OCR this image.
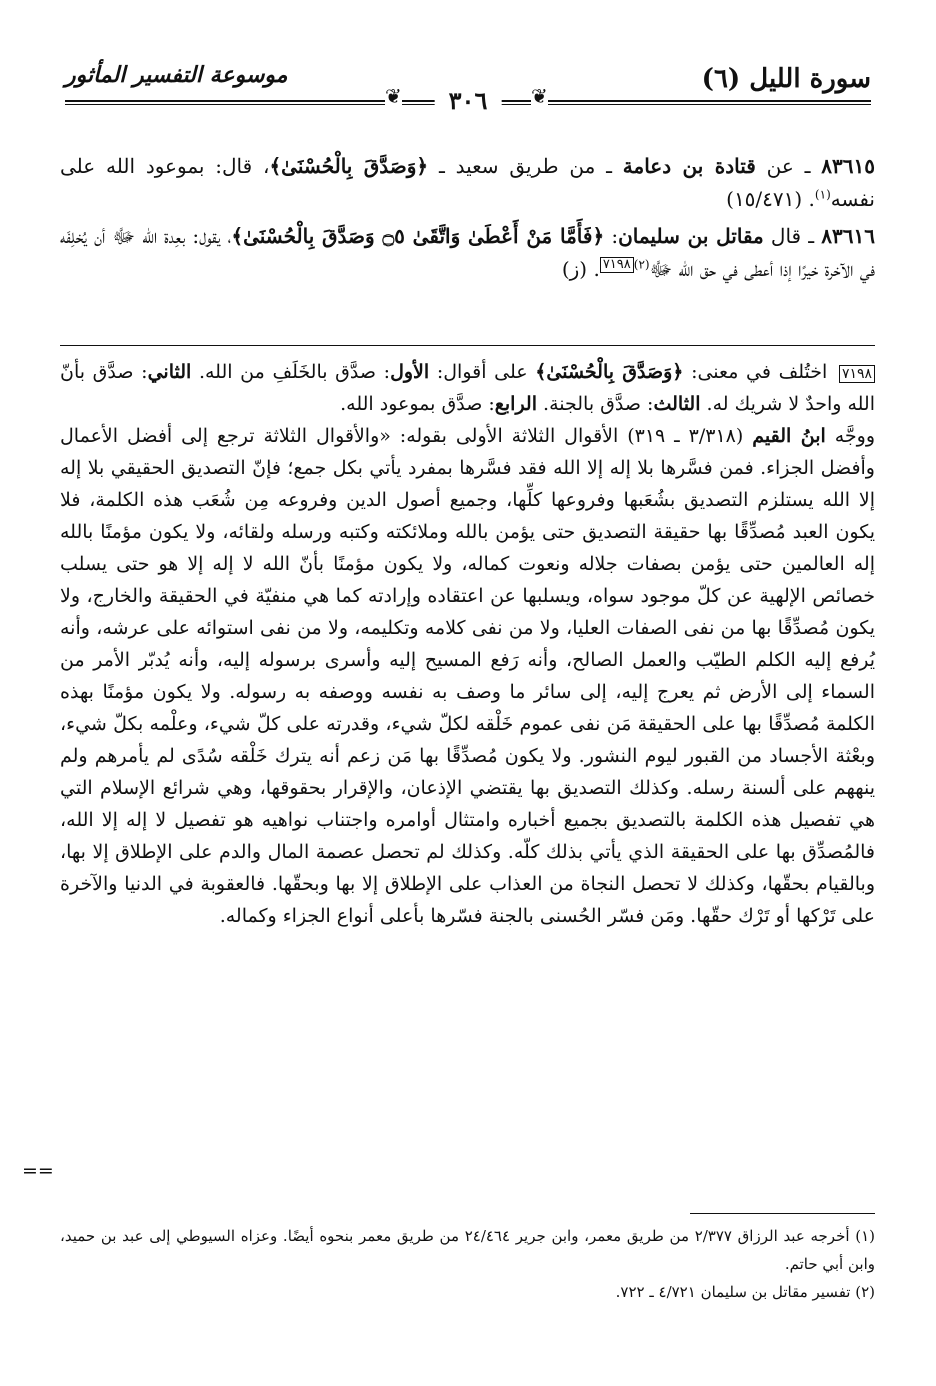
سورة الليل (٦)
موسوعة التفسير المأثور
❦	٣٠٦	❦

٨٣٦١٥ ـ عن قتادة بن دعامة ـ من طريق سعيد ـ ﴿وَصَدَّقَ بِالْحُسْنَىٰ﴾، قال: بموعود الله على نفسه$^{(١)}$. (١٥/٤٧١)

٨٣٦١٦ ـ قال مقاتل بن سليمان: ﴿فَأَمَّا مَنْ أَعْطَىٰ وَاتَّقَىٰ ۝٥ وَصَدَّقَ بِالْحُسْنَىٰ﴾، يقول: بعِدة الله ﷻ أن يُخلِفَه في الآخرة خيرًا إذا أعطى في حق الله ﷻ$^{(٢)}$٧١٩٨. (ز)

٧١٩٨ اختُلف في معنى: ﴿وَصَدَّقَ بِالْحُسْنَىٰ﴾ على أقوال: الأول: صدَّق بالخَلَفِ من الله. الثاني: صدَّق بأنّ الله واحدٌ لا شريك له. الثالث: صدَّق بالجنة. الرابع: صدَّق بموعود الله.

ووجَّه ابنُ القيم (٣/٣١٨ ـ ٣١٩) الأقوال الثلاثة الأولى بقوله: «والأقوال الثلاثة ترجع إلى أفضل الأعمال وأفضل الجزاء. فمن فسَّرها بلا إله إلا الله فقد فسَّرها بمفرد يأتي بكل جمع؛ فإنّ التصديق الحقيقي بلا إله إلا الله يستلزم التصديق بشُعَبها وفروعها كلِّها، وجميع أصول الدين وفروعه مِن شُعَب هذه الكلمة، فلا يكون العبد مُصدِّقًا بها حقيقة التصديق حتى يؤمن بالله وملائكته وكتبه ورسله ولقائه، ولا يكون مؤمنًا بالله إله العالمين حتى يؤمن بصفات جلاله ونعوت كماله، ولا يكون مؤمنًا بأنّ الله لا إله إلا هو حتى يسلب خصائص الإلهية عن كلّ موجود سواه، ويسلبها عن اعتقاده وإرادته كما هي منفيّة في الحقيقة والخارج، ولا يكون مُصدِّقًا بها من نفى الصفات العليا، ولا من نفى كلامه وتكليمه، ولا من نفى استوائه على عرشه، وأنه يُرفع إليه الكلم الطيّب والعمل الصالح، وأنه رَفع المسيح إليه وأسرى برسوله إليه، وأنه يُدبّر الأمر من السماء إلى الأرض ثم يعرج إليه، إلى سائر ما وصف به نفسه ووصفه به رسوله. ولا يكون مؤمنًا بهذه الكلمة مُصدِّقًا بها على الحقيقة مَن نفى عموم خَلْقه لكلّ شيء، وقدرته على كلّ شيء، وعلْمه بكلّ شيء، وبعْثة الأجساد من القبور ليوم النشور. ولا يكون مُصدِّقًا بها مَن زعم أنه يترك خَلْقه سُدًى لم يأمرهم ولم ينههم على ألسنة رسله. وكذلك التصديق بها يقتضي الإذعان، والإقرار بحقوقها، وهي شرائع الإسلام التي هي تفصيل هذه الكلمة بالتصديق بجميع أخباره وامتثال أوامره واجتناب نواهيه هو تفصيل لا إله إلا الله، فالمُصدِّق بها على الحقيقة الذي يأتي بذلك كلّه. وكذلك لم تحصل عصمة المال والدم على الإطلاق إلا بها، وبالقيام بحقّها، وكذلك لا تحصل النجاة من العذاب على الإطلاق إلا بها وبحقّها. فالعقوبة في الدنيا والآخرة على تَرْكها أو تَرْك حقّها. ومَن فسّر الحُسنى بالجنة فسّرها بأعلى أنواع الجزاء وكماله.

==

(١) أخرجه عبد الرزاق ٢/٣٧٧ من طريق معمر، وابن جرير ٢٤/٤٦٤ من طريق معمر بنحوه أيضًا. وعزاه السيوطي إلى عبد بن حميد، وابن أبي حاتم.

(٢) تفسير مقاتل بن سليمان ٤/٧٢١ ـ ٧٢٢.
